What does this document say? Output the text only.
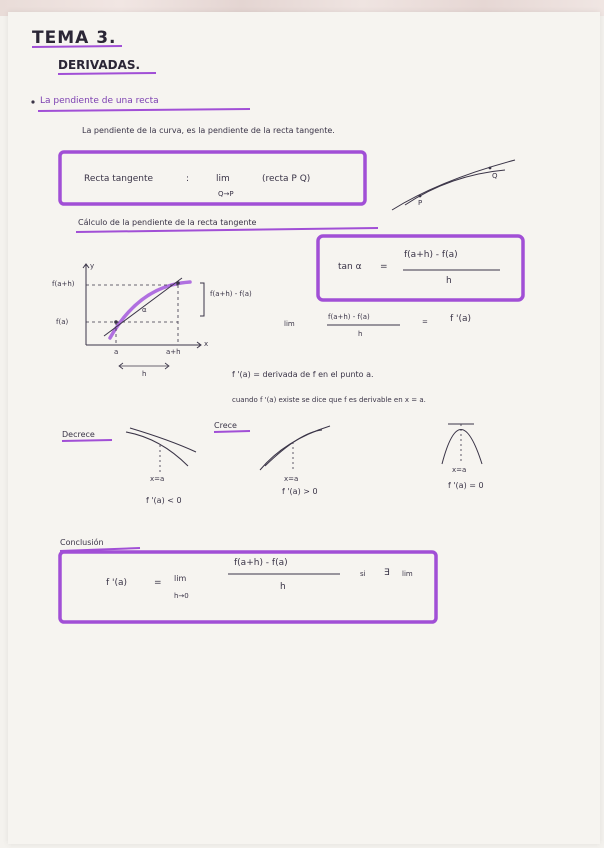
TEMA 3.
DERIVADAS.
La pendiente de una recta
La pendiente de la curva, es la pendiente de la recta tangente.
Recta tangente	:	lim
Q→P
(recta P Q)
P
Q
Cálculo de la pendiente de la recta tangente
y
x
f(a+h)
f(a)
a	a+h
h
α
f(a+h) - f(a)
tan α =
f(a+h) - f(a)
h
lim
f(a+h) - f(a)
h
= f '(a)
f '(a) = derivada de f en el punto a.
cuando f '(a) existe se dice que f es derivable en x = a.
Decrece
Crece
x=a	x=a
x=a
f '(a) < 0
f '(a) > 0
f '(a) = 0
Conclusión
f '(a)	= lim
h→0
f(a+h) - f(a)
h
si ∃ lim
